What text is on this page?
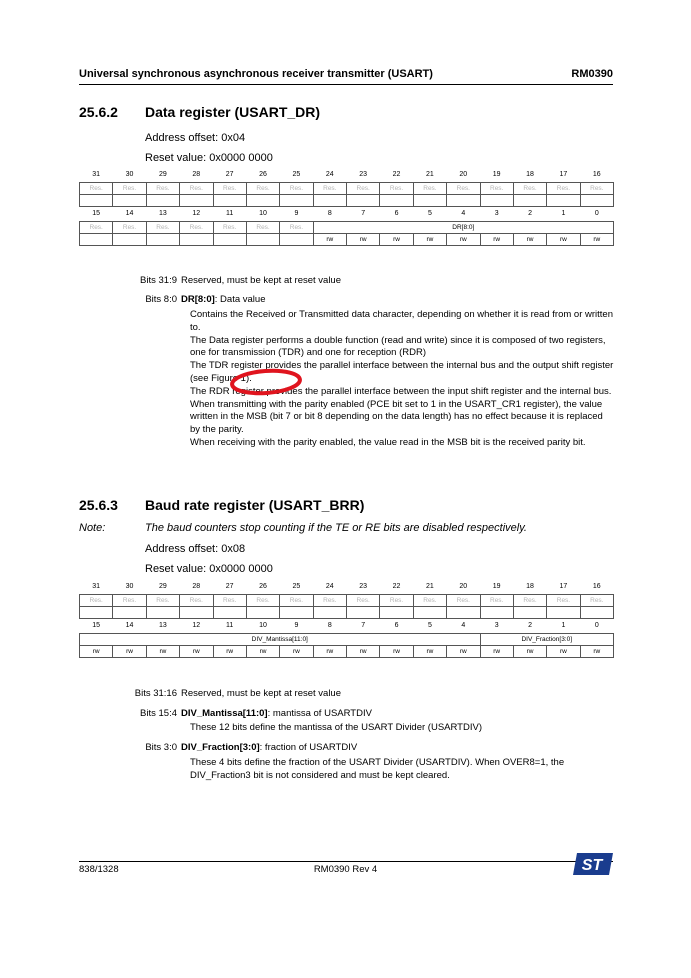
Universal synchronous asynchronous receiver transmitter (USART)	RM0390
25.6.2 Data register (USART_DR)
Address offset: 0x04
Reset value: 0x0000 0000
31	30	29	28	27	26	25	24	23	22	21	20	19	18	17	16
Res.	Res.	Res.	Res.	Res.	Res.	Res.	Res.	Res.	Res.	Res.	Res.	Res.	Res.	Res.	Res.

15	14	13	12	11	10	9	8	7	6	5	4	3	2	1	0
Res.	Res.	Res.	Res.	Res.	Res.	Res.	DR[8:0]								
							rw	rw	rw	rw	rw	rw	rw	rw	rw
Bits 31:9 Reserved, must be kept at reset value
Bits 8:0 DR[8:0]: Data value

Contains the Received or Transmitted data character, depending on whether it is read from or written to.

The Data register performs a double function (read and write) since it is composed of two registers, one for transmission (TDR) and one for reception (RDR)

The TDR register provides the parallel interface between the internal bus and the output shift register (see Figure 1).

The RDR register provides the parallel interface between the input shift register and the internal bus.

When transmitting with the parity enabled (PCE bit set to 1 in the USART_CR1 register), the value written in the MSB (bit 7 or bit 8 depending on the data length) has no effect because it is replaced by the parity.

When receiving with the parity enabled, the value read in the MSB bit is the received parity bit.

25.6.3 Baud rate register (USART_BRR)
Note:	The baud counters stop counting if the TE or RE bits are disabled respectively.
Address offset: 0x08
Reset value: 0x0000 0000
31	30	29	28	27	26	25	24	23	22	21	20	19	18	17	16
Res.	Res.	Res.	Res.	Res.	Res.	Res.	Res.	Res.	Res.	Res.	Res.	Res.	Res.	Res.	Res.

15	14	13	12	11	10	9	8	7	6	5	4	3	2	1	0
DIV_Mantissa[11:0]												DIV_Fraction[3:0]			
rw	rw	rw	rw	rw	rw	rw	rw	rw	rw	rw	rw	rw	rw	rw	rw
Bits 31:16 Reserved, must be kept at reset value
Bits 15:4 DIV_Mantissa[11:0]: mantissa of USARTDIV
These 12 bits define the mantissa of the USART Divider (USARTDIV)
Bits 3:0 DIV_Fraction[3:0]: fraction of USARTDIV
These 4 bits define the fraction of the USART Divider (USARTDIV). When OVER8=1, the DIV_Fraction3 bit is not considered and must be kept cleared.
838/1328	RM0390 Rev 4	ST
